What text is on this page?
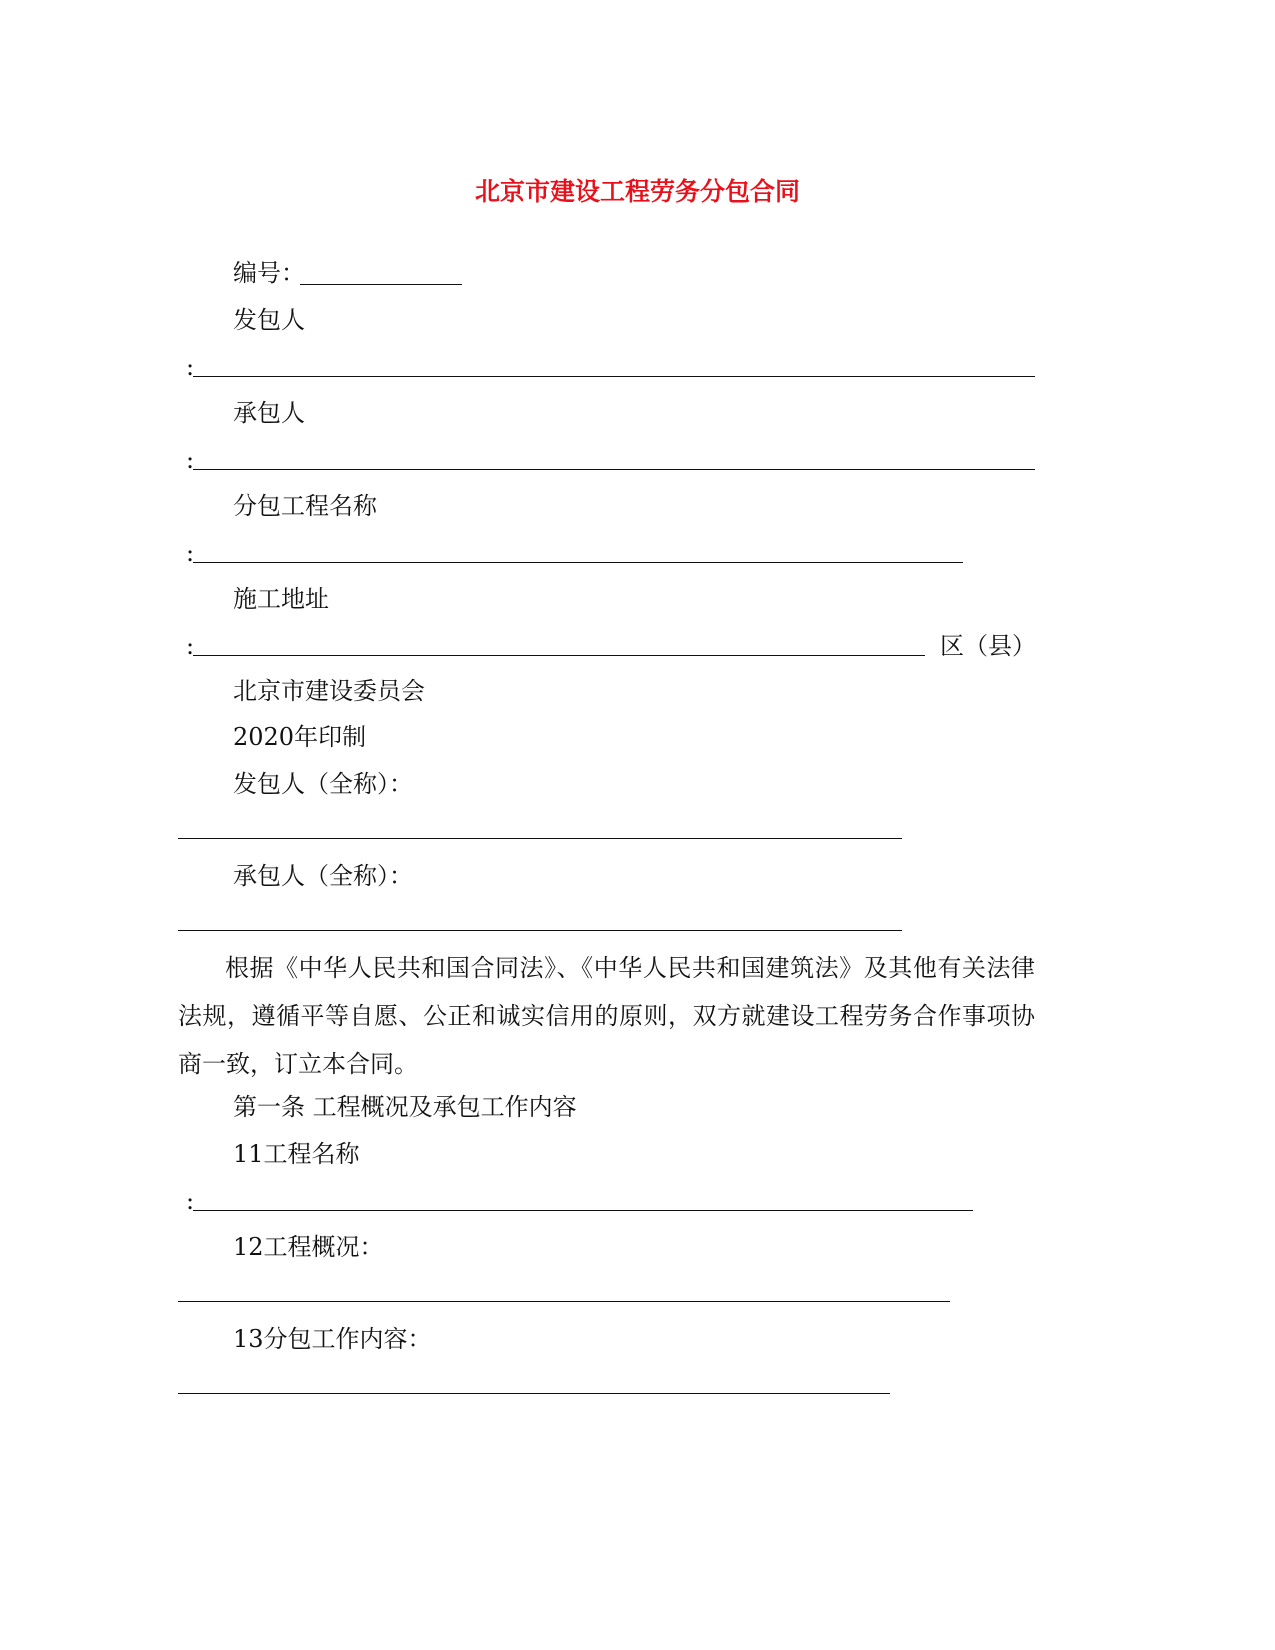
北京市建设工程劳务分包合同
编号：
发包人
:
承包人
:
分包工程名称
:
施工地址
:	区（县）
北京市建设委员会
2020年印制
发包人（全称）：
承包人（全称）：
根据《中华人民共和国合同法》、《中华人民共和国建筑法》及其他有关法律法规，遵循平等自愿、公正和诚实信用的原则，双方就建设工程劳务合作事项协商一致，订立本合同。
第一条 工程概况及承包工作内容
11工程名称
:
12工程概况：
13分包工作内容：
